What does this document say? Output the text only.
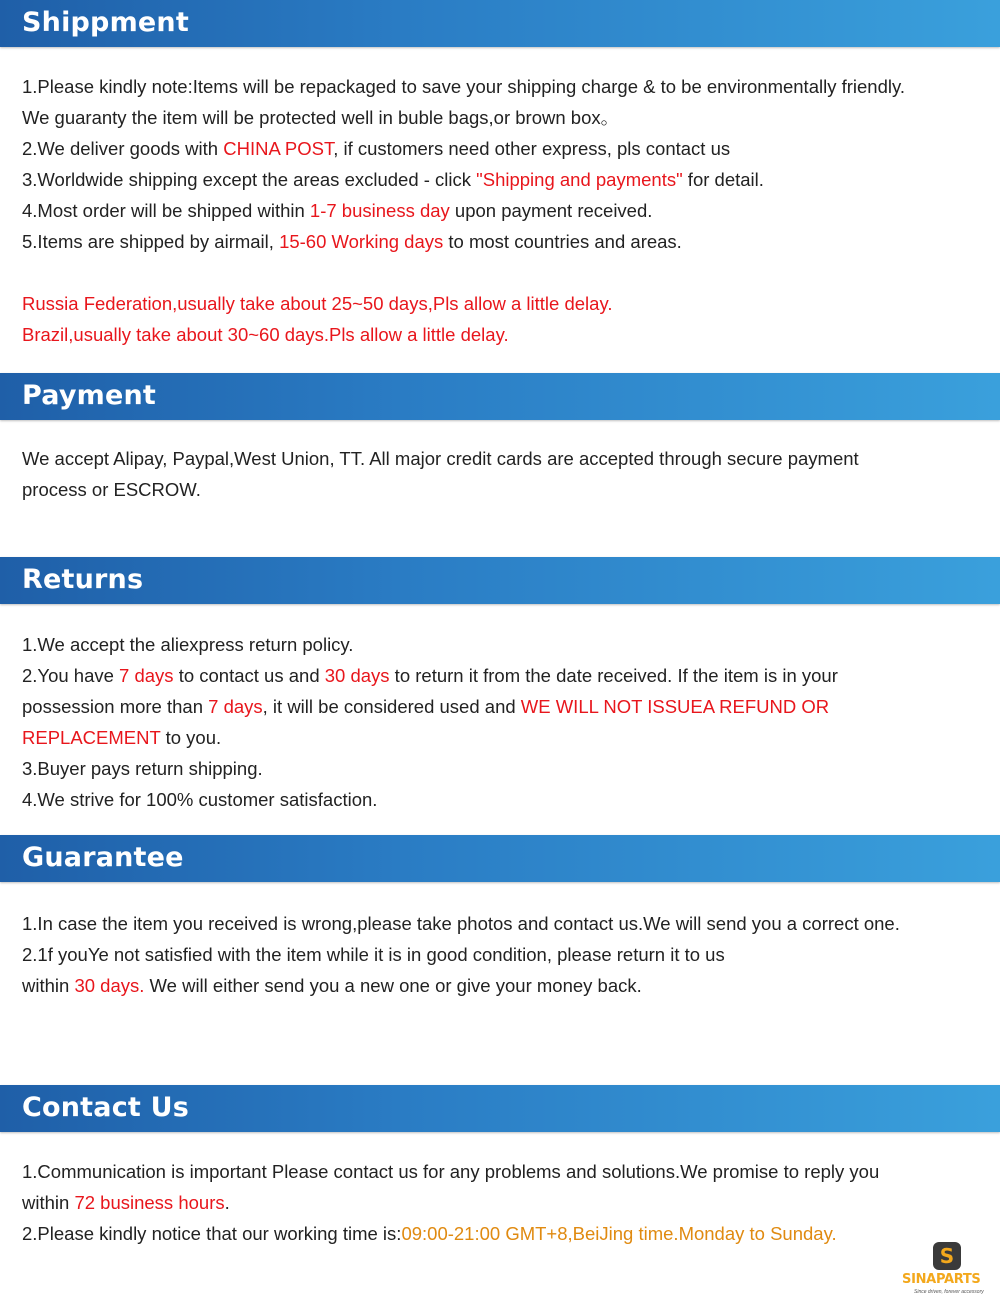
Shippment
1.Please kindly note:Items will be repackaged to save your shipping charge & to be environmentally friendly.
We guaranty the item will be protected well in buble bags,or brown box。
2.We deliver goods with CHINA POST, if customers need other express, pls contact us
3.Worldwide shipping except the areas excluded - click "Shipping and payments" for detail.
4.Most order will be shipped within 1-7 business day upon payment received.
5.Items are shipped by airmail, 15-60 Working days to most countries and areas.
Russia Federation,usually take about 25~50 days,Pls allow a little delay.
Brazil,usually take about 30~60 days.Pls allow a little delay.
Payment
We accept Alipay, Paypal,West Union, TT. All major credit cards are accepted through secure payment
process or ESCROW.
Returns
1.We accept the aliexpress return policy.
2.You have 7 days to contact us and 30 days to return it from the date received. If the item is in your
possession more than 7 days, it will be considered used and WE WILL NOT ISSUEA REFUND OR
REPLACEMENT to you.
3.Buyer pays return shipping.
4.We strive for 100% customer satisfaction.
Guarantee
1.In case the item you received is wrong,please take photos and contact us.We will send you a correct one.
2.1f youYe not satisfied with the item while it is in good condition, please return it to us
within 30 days. We will either send you a new one or give your money back.
Contact Us
1.Communication is important Please contact us for any problems and solutions.We promise to reply you
within 72 business hours.
2.Please kindly notice that our working time is:09:00-21:00 GMT+8,BeiJing time.Monday to Sunday.
S
SINAPARTS
Since driven, forever accessory
